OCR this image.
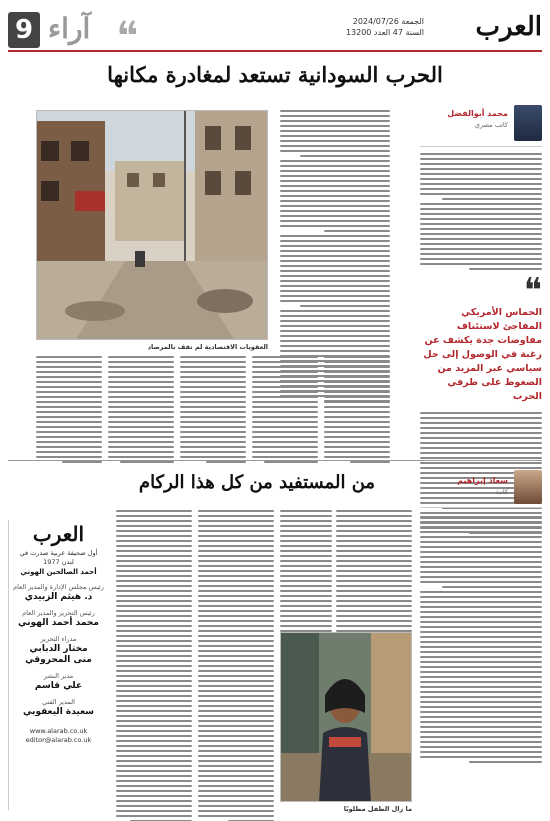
العرب
الجمعة 2024/07/26
السنة 47 العدد 13200
آراء
9
الحرب السودانية تستعد لمغادرة مكانها
محمد أبوالفضل
كاتب مصري
❝
الحماس الأمريكي المفاجئ لاستئناف مفاوضات جدة يكشف عن رغبة في الوصول إلى حل سياسي عبر المزيد من الضغوط على طرفي الحرب
العقوبات الاقتصادية لم تقف بالمرصاد
من المستفيد من كل هذا الركام	سعاد إبراهيم
كاتبة
ما زال الطفل مطلوبًا
العرب
أول صحيفة عربية صدرت في لندن 1977
أحمد الصالحين الهوني
رئيس مجلس الإدارة والمدير العام
د. هيثم الزبيدي
رئيس التحرير والمدير العام
محمد أحمد الهوني
مدراء التحرير
مختار الدبابي
منى المحروقي
مدير النشر
علي قاسم
المدير الفني
سعيدة اليعقوبي
www.alarab.co.uk
editor@alarab.co.uk
